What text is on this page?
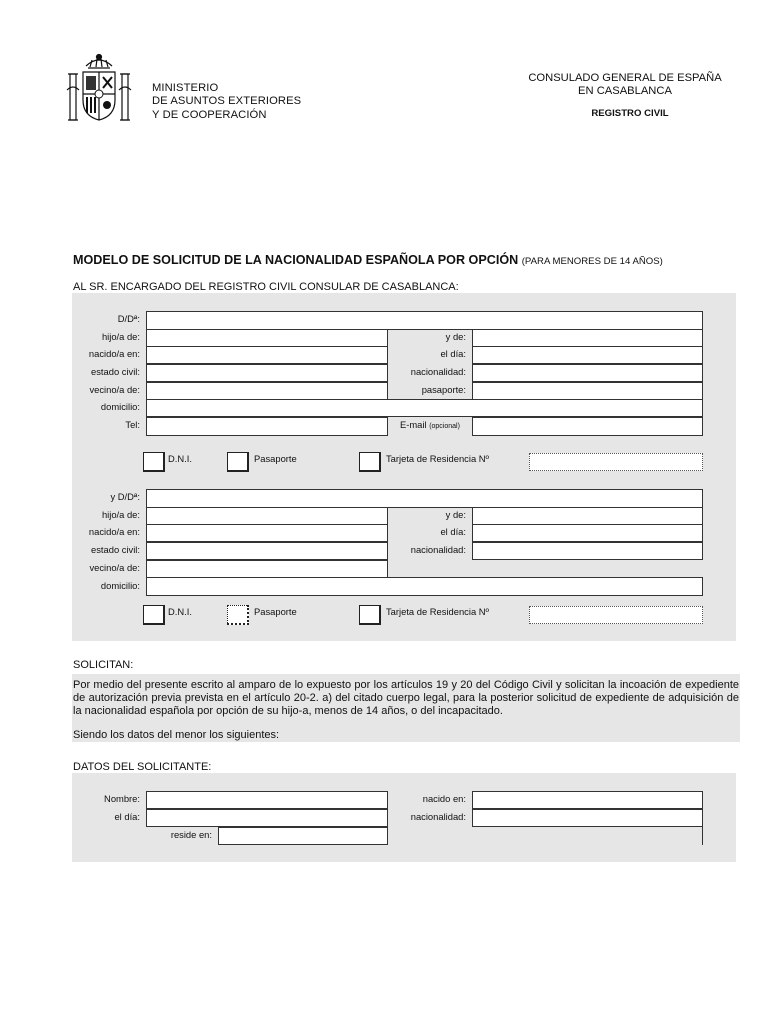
MINISTERIO
DE ASUNTOS EXTERIORES
Y DE COOPERACIÓN
CONSULADO GENERAL DE ESPAÑA
EN CASABLANCA
REGISTRO CIVIL
MODELO DE SOLICITUD DE LA NACIONALIDAD ESPAÑOLA POR OPCIÓN (PARA MENORES DE 14 AÑOS)
AL SR. ENCARGADO DEL REGISTRO CIVIL CONSULAR DE CASABLANCA:
D/Dª:
hijo/a de:	y de:
nacido/a en:	el día:
estado civil:	nacionalidad:
vecino/a de:	pasaporte:
domicilio:
Tel:	E-mail (opcional)
D.N.I.	Pasaporte	Tarjeta de Residencia Nº
y D/Dª:
hijo/a de:	y de:
nacido/a en:	el día:
estado civil:	nacionalidad:
vecino/a de:
domicilio:
D.N.I.	Pasaporte	Tarjeta de Residencia Nº
SOLICITAN:
Por medio del presente escrito al amparo de lo expuesto por los artículos 19 y 20 del Código Civil y solicitan la incoación de expediente de autorización previa prevista en el artículo 20-2. a) del citado cuerpo legal, para la posterior solicitud de expediente de adquisición de la nacionalidad española por opción de su hijo-a, menos de 14 años, o del incapacitado.
Siendo los datos del menor los siguientes:
DATOS DEL SOLICITANTE:
Nombre:	nacido en:
el día:	nacionalidad:
reside en:
